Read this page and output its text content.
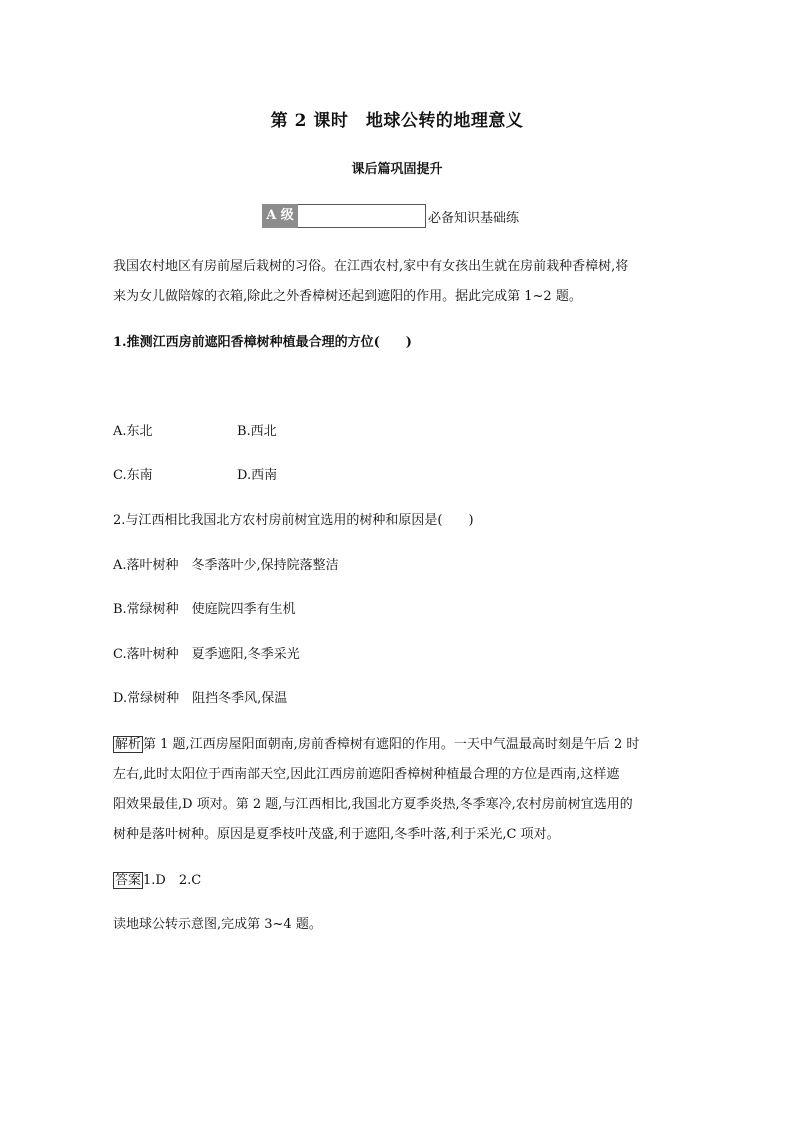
第 2 课时　地球公转的地理意义
课后篇巩固提升
A 级	必备知识基础练
我国农村地区有房前屋后栽树的习俗。在江西农村,家中有女孩出生就在房前栽种香樟树,将
来为女儿做陪嫁的衣箱,除此之外香樟树还起到遮阳的作用。据此完成第 1~2 题。
1.推测江西房前遮阳香樟树种植最合理的方位(　　)
A.东北	B.西北
C.东南	D.西南
2.与江西相比我国北方农村房前树宜选用的树种和原因是(　　)
A.落叶树种　冬季落叶少,保持院落整洁
B.常绿树种　使庭院四季有生机
C.落叶树种　夏季遮阳,冬季采光
D.常绿树种　阻挡冬季风,保温
解析 第 1 题,江西房屋阳面朝南,房前香樟树有遮阳的作用。一天中气温最高时刻是午后 2 时
左右,此时太阳位于西南部天空,因此江西房前遮阳香樟树种植最合理的方位是西南,这样遮
阳效果最佳,D 项对。第 2 题,与江西相比,我国北方夏季炎热,冬季寒冷,农村房前树宜选用的
树种是落叶树种。原因是夏季枝叶茂盛,利于遮阳,冬季叶落,利于采光,C 项对。
答案 1.D　2.C
读地球公转示意图,完成第 3~4 题。
